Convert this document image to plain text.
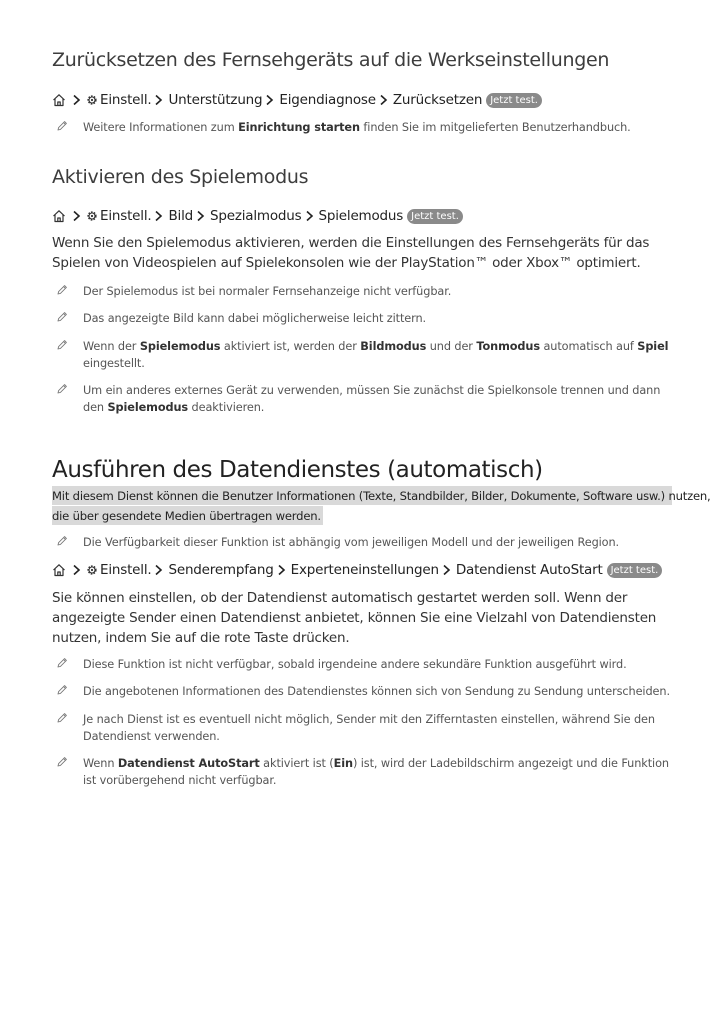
Zurücksetzen des Fernsehgeräts auf die Werkseinstellungen
Einstell. Unterstützung Eigendiagnose Zurücksetzen Jetzt test.
Weitere Informationen zum Einrichtung starten finden Sie im mitgelieferten Benutzerhandbuch.
Aktivieren des Spielemodus
Einstell. Bild Spezialmodus Spielemodus Jetzt test.

Wenn Sie den Spielemodus aktivieren, werden die Einstellungen des Fernsehgeräts für das Spielen von Videospielen auf Spielekonsolen wie der PlayStation™ oder Xbox™ optimiert.

Der Spielemodus ist bei normaler Fernsehanzeige nicht verfügbar.
Das angezeigte Bild kann dabei möglicherweise leicht zittern.
Wenn der Spielemodus aktiviert ist, werden der Bildmodus und der Tonmodus automatisch auf Spiel eingestellt.
Um ein anderes externes Gerät zu verwenden, müssen Sie zunächst die Spielkonsole trennen und dann den Spielemodus deaktivieren.
Ausführen des Datendienstes (automatisch)
Mit diesem Dienst können die Benutzer Informationen (Texte, Standbilder, Bilder, Dokumente, Software usw.) nutzen,
die über gesendete Medien übertragen werden.
Die Verfügbarkeit dieser Funktion ist abhängig vom jeweiligen Modell und der jeweiligen Region.
Einstell. Senderempfang Experteneinstellungen Datendienst AutoStart Jetzt test.

Sie können einstellen, ob der Datendienst automatisch gestartet werden soll. Wenn der angezeigte Sender einen Datendienst anbietet, können Sie eine Vielzahl von Datendiensten nutzen, indem Sie auf die rote Taste drücken.

Diese Funktion ist nicht verfügbar, sobald irgendeine andere sekundäre Funktion ausgeführt wird.
Die angebotenen Informationen des Datendienstes können sich von Sendung zu Sendung unterscheiden.
Je nach Dienst ist es eventuell nicht möglich, Sender mit den Zifferntasten einstellen, während Sie den Datendienst verwenden.
Wenn Datendienst AutoStart aktiviert ist (Ein) ist, wird der Ladebildschirm angezeigt und die Funktion ist vorübergehend nicht verfügbar.
